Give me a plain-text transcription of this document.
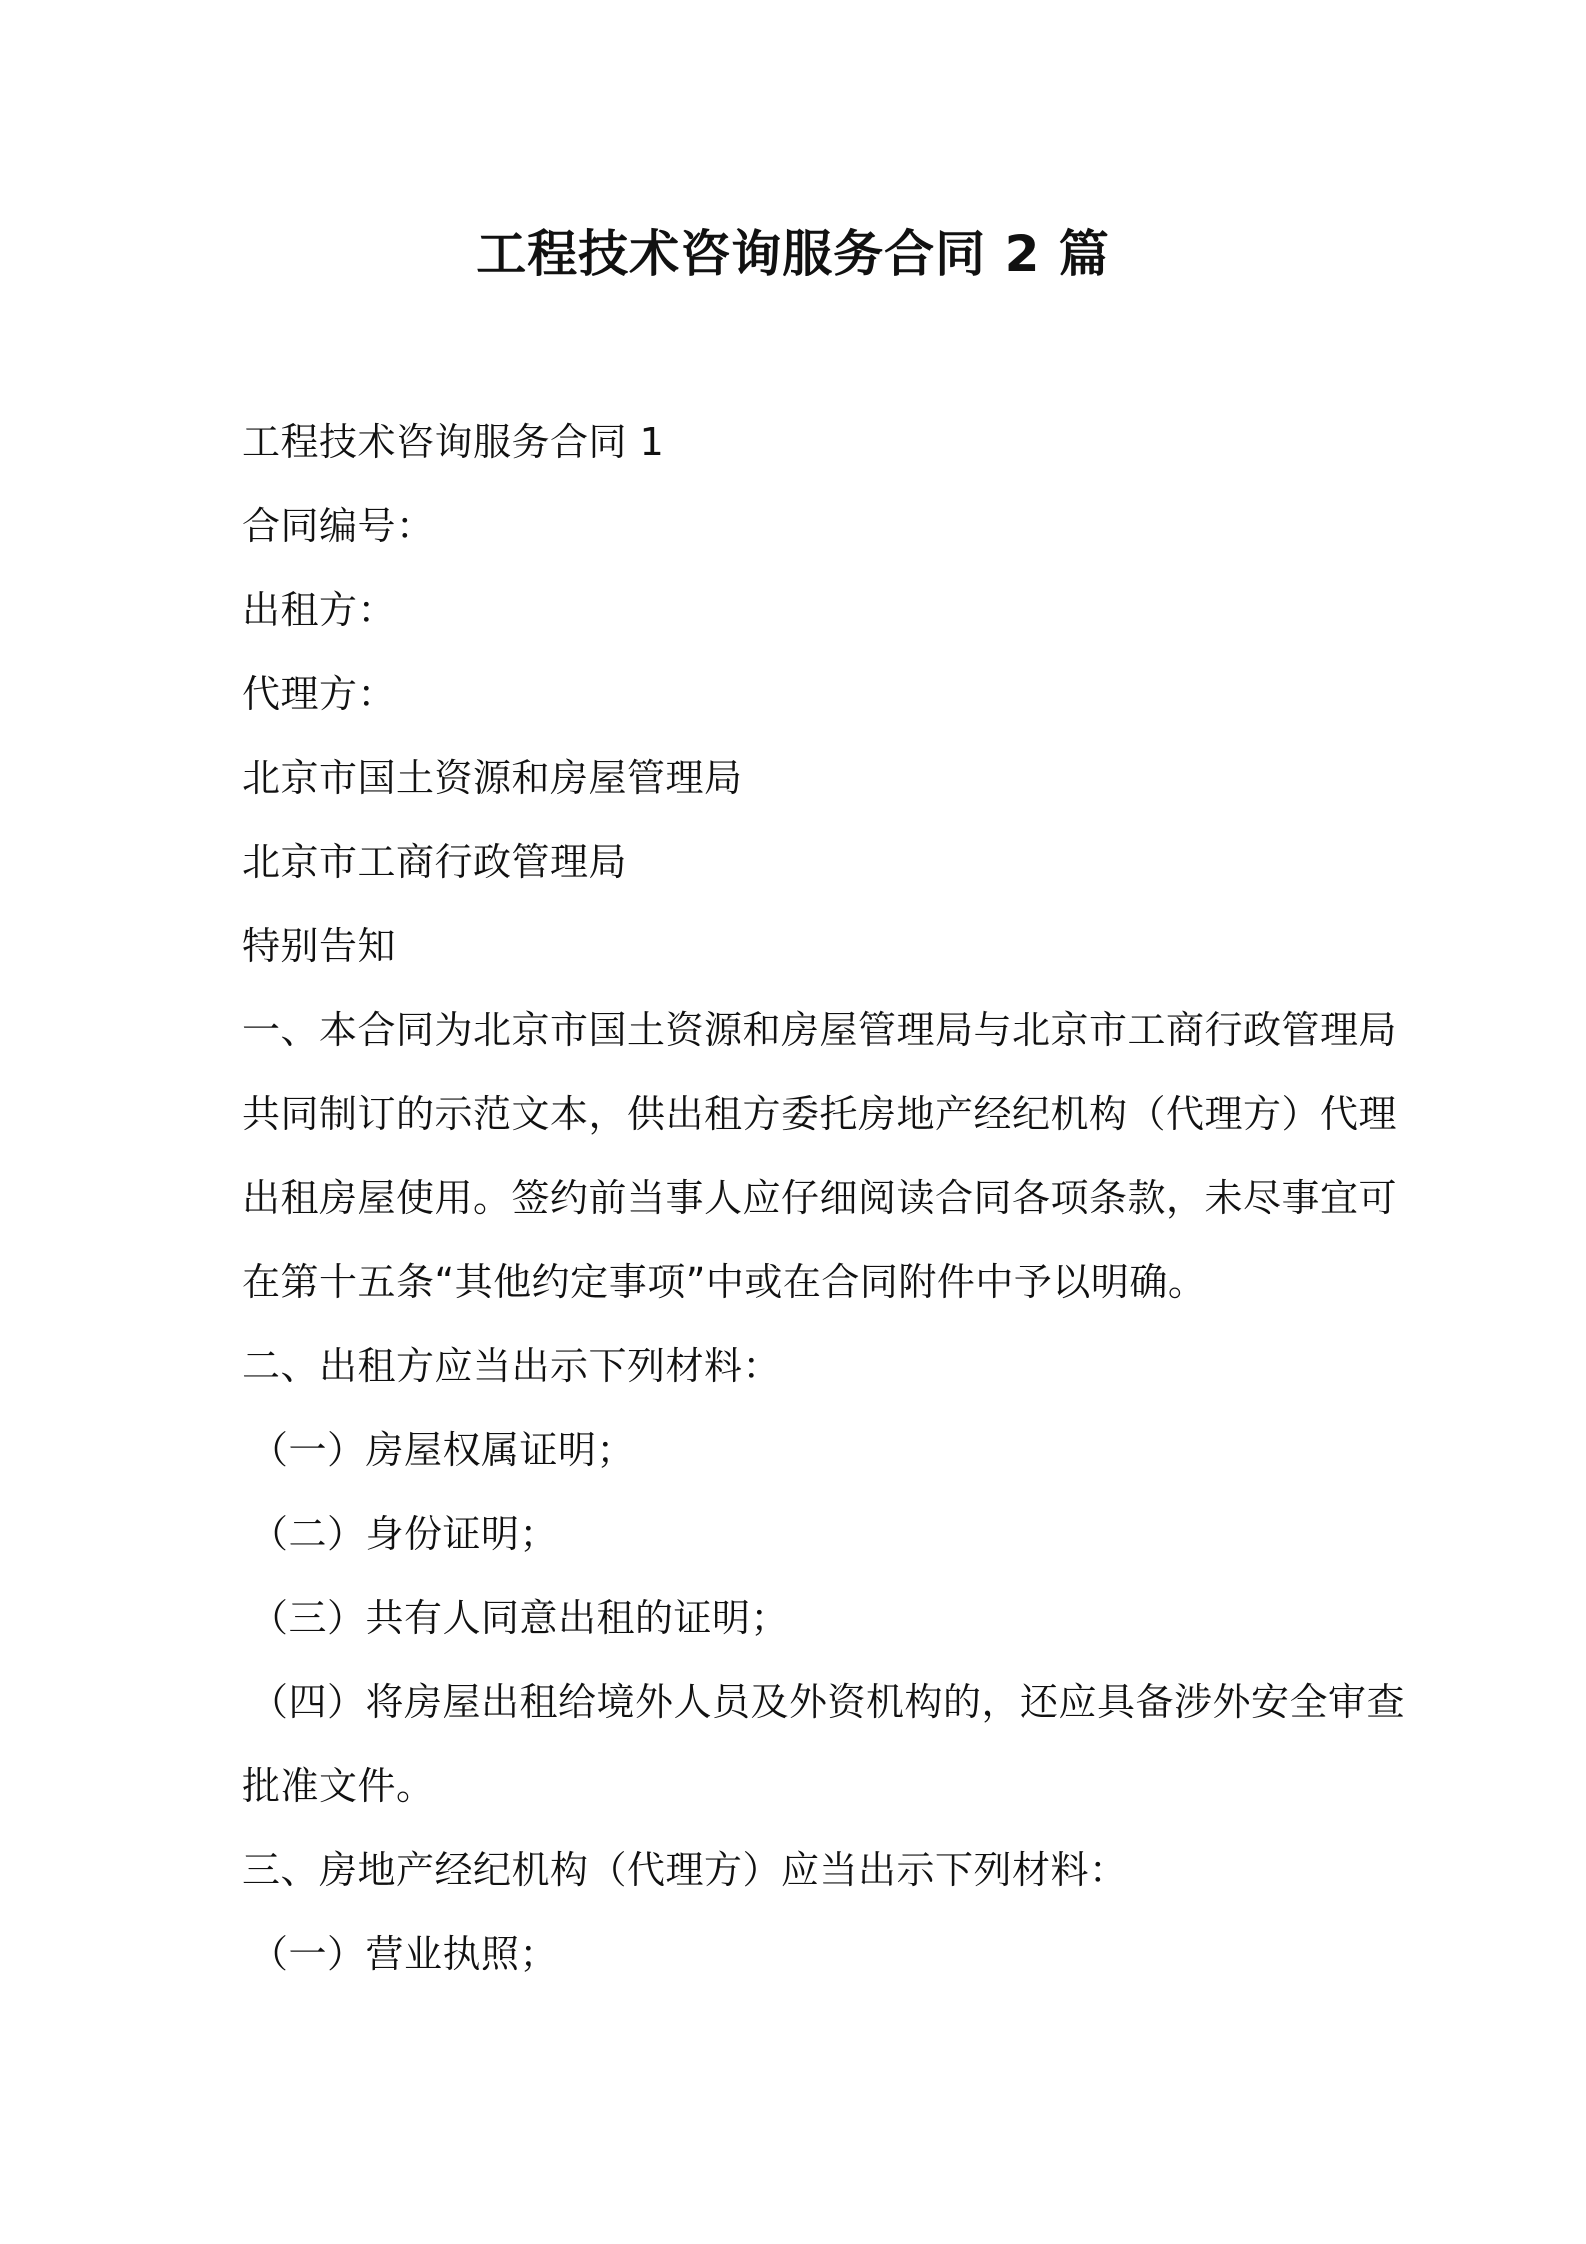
工程技术咨询服务合同 2 篇

工程技术咨询服务合同 1

合同编号：

出租方：

代理方：

北京市国土资源和房屋管理局

北京市工商行政管理局

特别告知

一、本合同为北京市国土资源和房屋管理局与北京市工商行政管理局

共同制订的示范文本，供出租方委托房地产经纪机构（代理方）代理

出租房屋使用。签约前当事人应仔细阅读合同各项条款，未尽事宜可

在第十五条“其他约定事项”中或在合同附件中予以明确。

二、出租方应当出示下列材料：

（一）房屋权属证明；

（二）身份证明；

（三）共有人同意出租的证明；

（四）将房屋出租给境外人员及外资机构的，还应具备涉外安全审查

批准文件。

三、房地产经纪机构（代理方）应当出示下列材料：

（一）营业执照；
